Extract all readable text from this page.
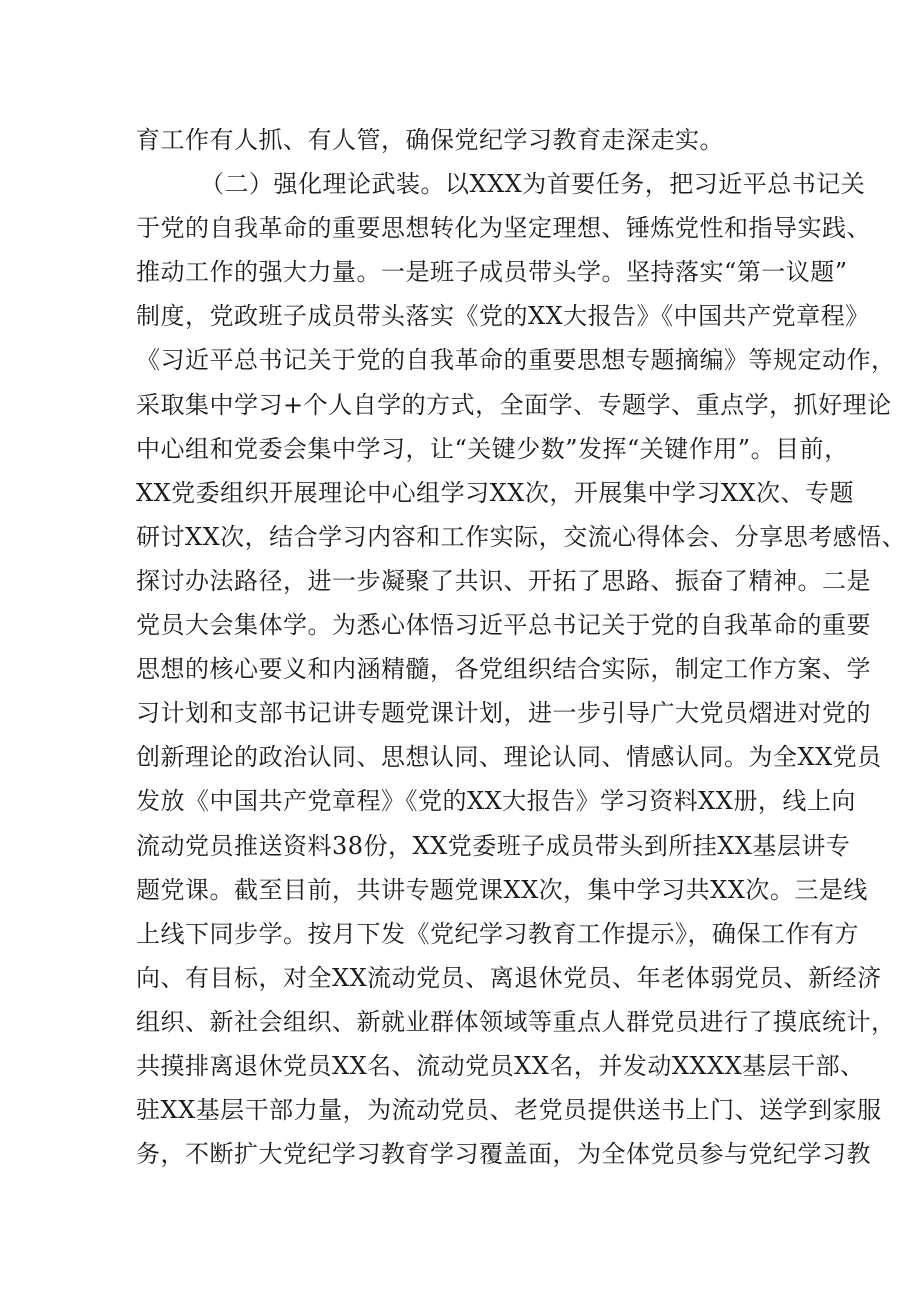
育工作有人抓、有人管，确保党纪学习教育走深走实。
（二）强化理论武装。以XXX为首要任务，把习近平总书记关
于党的自我革命的重要思想转化为坚定理想、锤炼党性和指导实践、
推动工作的强大力量。一是班子成员带头学。坚持落实“第一议题”
制度，党政班子成员带头落实《党的XX大报告》《中国共产党章程》
《习近平总书记关于党的自我革命的重要思想专题摘编》等规定动作，
采取集中学习+个人自学的方式，全面学、专题学、重点学，抓好理论
中心组和党委会集中学习，让“关键少数”发挥“关键作用”。目前，
XX党委组织开展理论中心组学习XX次，开展集中学习XX次、专题
研讨XX次，结合学习内容和工作实际，交流心得体会、分享思考感悟、
探讨办法路径，进一步凝聚了共识、开拓了思路、振奋了精神。二是
党员大会集体学。为悉心体悟习近平总书记关于党的自我革命的重要
思想的核心要义和内涵精髓，各党组织结合实际，制定工作方案、学
习计划和支部书记讲专题党课计划，进一步引导广大党员熠进对党的
创新理论的政治认同、思想认同、理论认同、情感认同。为全XX党员
发放《中国共产党章程》《党的XX大报告》学习资料XX册，线上向
流动党员推送资料38份，XX党委班子成员带头到所挂XX基层讲专
题党课。截至目前，共讲专题党课XX次，集中学习共XX次。三是线
上线下同步学。按月下发《党纪学习教育工作提示》，确保工作有方
向、有目标，对全XX流动党员、离退休党员、年老体弱党员、新经济
组织、新社会组织、新就业群体领域等重点人群党员进行了摸底统计，
共摸排离退休党员XX名、流动党员XX名，并发动XXXX基层干部、
驻XX基层干部力量，为流动党员、老党员提供送书上门、送学到家服
务，不断扩大党纪学习教育学习覆盖面，为全体党员参与党纪学习教
